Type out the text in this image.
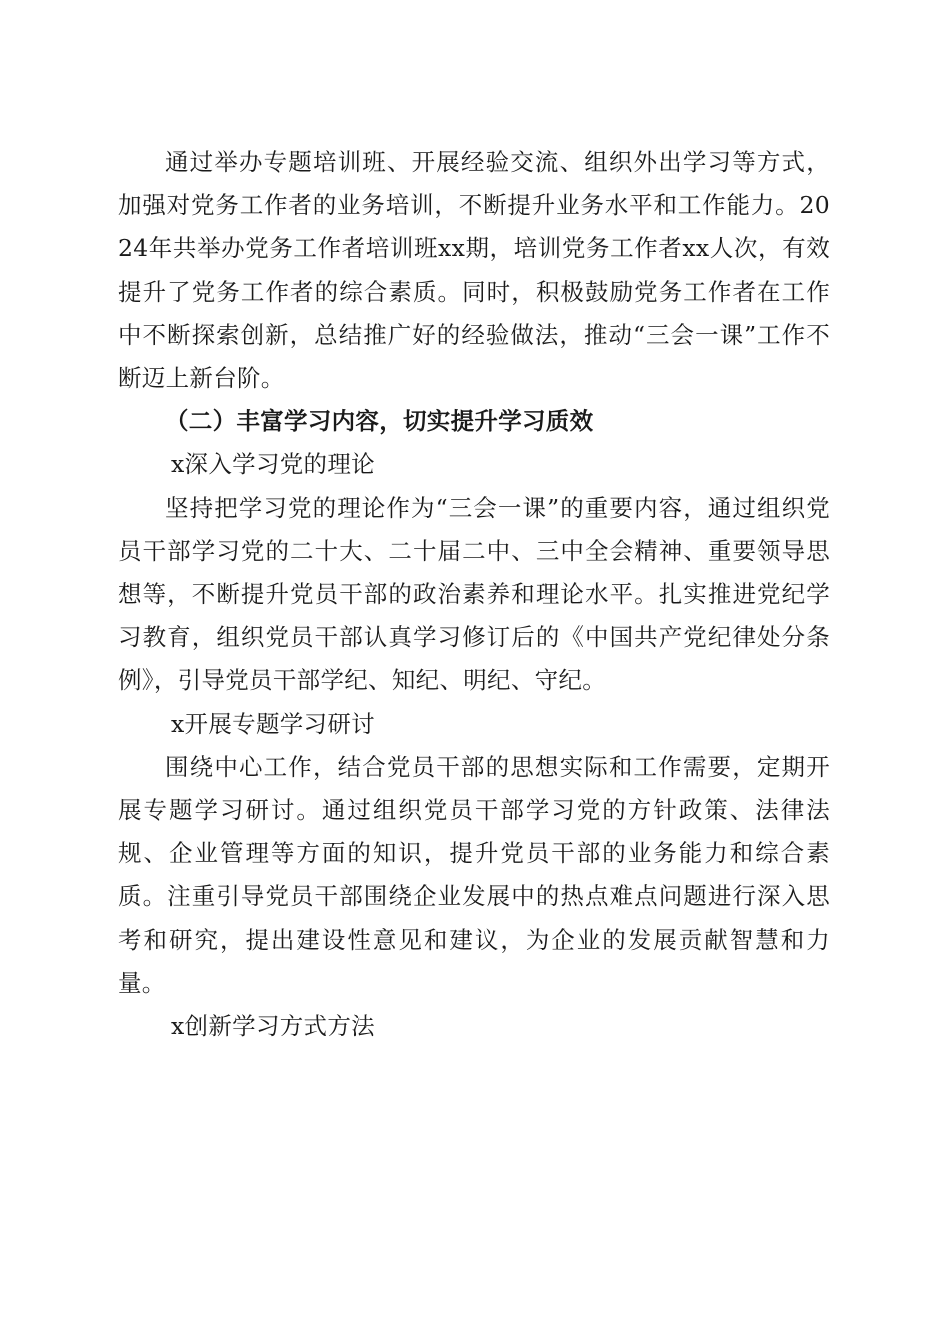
通过举办专题培训班、开展经验交流、组织外出学习等方式，加强对党务工作者的业务培训，不断提升业务水平和工作能力。2024年共举办党务工作者培训班xx期，培训党务工作者xx人次，有效提升了党务工作者的综合素质。同时，积极鼓励党务工作者在工作中不断探索创新，总结推广好的经验做法，推动“三会一课”工作不断迈上新台阶。

（二）丰富学习内容，切实提升学习质效

x深入学习党的理论

坚持把学习党的理论作为“三会一课”的重要内容，通过组织党员干部学习党的二十大、二十届二中、三中全会精神、重要领导思想等，不断提升党员干部的政治素养和理论水平。扎实推进党纪学习教育，组织党员干部认真学习修订后的《中国共产党纪律处分条例》，引导党员干部学纪、知纪、明纪、守纪。

x开展专题学习研讨

围绕中心工作，结合党员干部的思想实际和工作需要，定期开展专题学习研讨。通过组织党员干部学习党的方针政策、法律法规、企业管理等方面的知识，提升党员干部的业务能力和综合素质。注重引导党员干部围绕企业发展中的热点难点问题进行深入思考和研究，提出建设性意见和建议，为企业的发展贡献智慧和力量。

x创新学习方式方法
